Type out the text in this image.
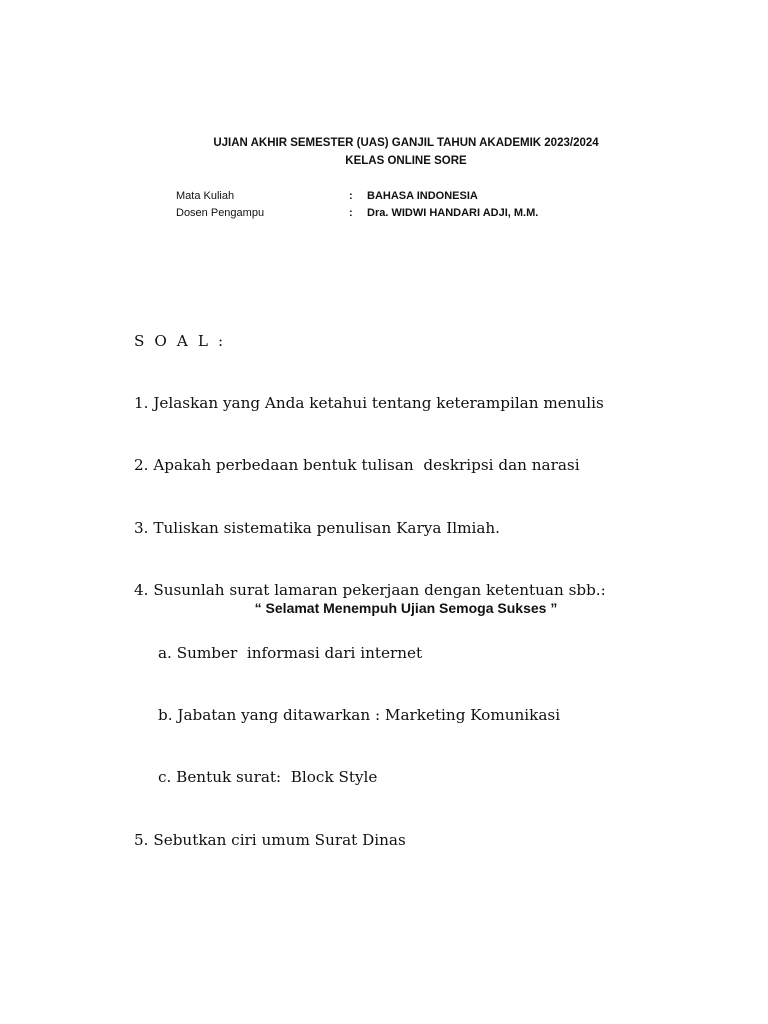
UJIAN AKHIR SEMESTER (UAS) GANJIL TAHUN AKADEMIK 2023/2024
KELAS ONLINE SORE
Mata Kuliah	: BAHASA INDONESIA
Dosen Pengampu	: Dra. WIDWI HANDARI ADJI, M.M.

S O A L :

1. Jelaskan yang Anda ketahui tentang keterampilan menulis

2. Apakah perbedaan bentuk tulisan  deskripsi dan narasi

3. Tuliskan sistematika penulisan Karya Ilmiah.

4. Susunlah surat lamaran pekerjaan dengan ketentuan sbb.:

a. Sumber  informasi dari internet

b. Jabatan yang ditawarkan : Marketing Komunikasi

c. Bentuk surat:  Block Style

5. Sebutkan ciri umum Surat Dinas

“ Selamat Menempuh Ujian Semoga Sukses ”
